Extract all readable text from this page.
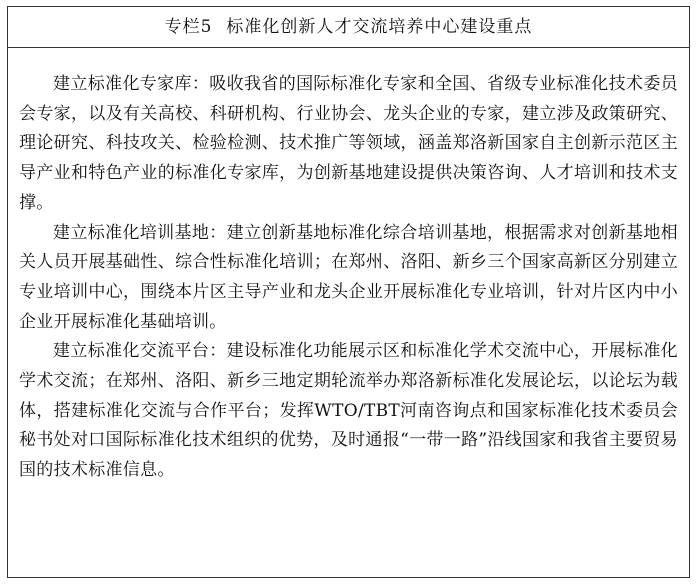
专栏5 标准化创新人才交流培养中心建设重点

建立标准化专家库：吸收我省的国际标准化专家和全国、省级专业标准化技术委员会专家，以及有关高校、科研机构、行业协会、龙头企业的专家，建立涉及政策研究、理论研究、科技攻关、检验检测、技术推广等领域，涵盖郑洛新国家自主创新示范区主导产业和特色产业的标准化专家库，为创新基地建设提供决策咨询、人才培训和技术支撑。

建立标准化培训基地：建立创新基地标准化综合培训基地，根据需求对创新基地相关人员开展基础性、综合性标准化培训；在郑州、洛阳、新乡三个国家高新区分别建立专业培训中心，围绕本片区主导产业和龙头企业开展标准化专业培训，针对片区内中小企业开展标准化基础培训。

建立标准化交流平台：建设标准化功能展示区和标准化学术交流中心，开展标准化学术交流；在郑州、洛阳、新乡三地定期轮流举办郑洛新标准化发展论坛，以论坛为载体，搭建标准化交流与合作平台；发挥WTO/TBT河南咨询点和国家标准化技术委员会秘书处对口国际标准化技术组织的优势，及时通报“一带一路”沿线国家和我省主要贸易国的技术标准信息。
